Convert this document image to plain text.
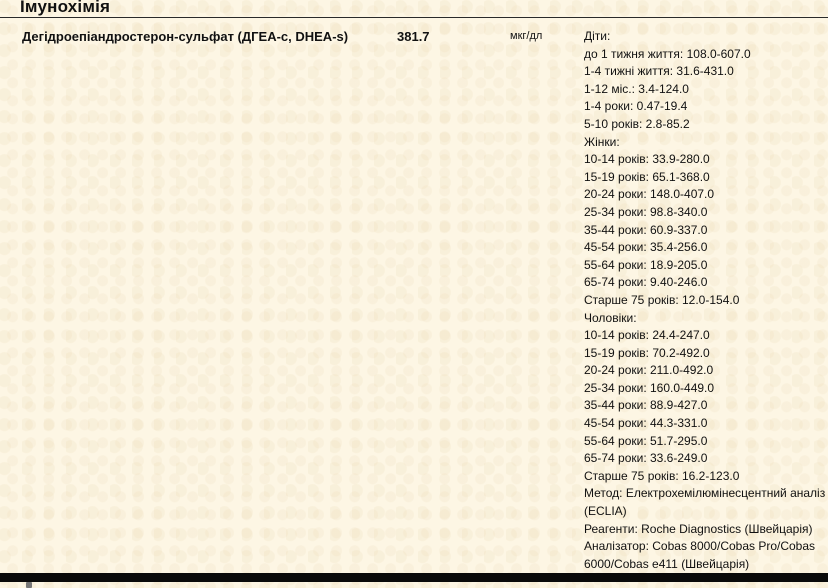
Імунохімія
Дегідроепіандростерон-сульфат (ДГЕА-с, DHEA-s)	381.7	мкг/дл	Діти:
до 1 тижня життя: 108.0-607.0
1-4 тижні життя: 31.6-431.0
1-12 міс.: 3.4-124.0
1-4 роки: 0.47-19.4
5-10 років: 2.8-85.2
Жінки:
10-14 років: 33.9-280.0
15-19 років: 65.1-368.0
20-24 роки: 148.0-407.0
25-34 роки: 98.8-340.0
35-44 роки: 60.9-337.0
45-54 роки: 35.4-256.0
55-64 роки: 18.9-205.0
65-74 роки: 9.40-246.0
Старше 75 років: 12.0-154.0
Чоловіки:
10-14 років: 24.4-247.0
15-19 років: 70.2-492.0
20-24 роки: 211.0-492.0
25-34 роки: 160.0-449.0
35-44 роки: 88.9-427.0
45-54 роки: 44.3-331.0
55-64 роки: 51.7-295.0
65-74 роки: 33.6-249.0
Старше 75 років: 16.2-123.0
Метод: Електрохемілюмінесцентний аналіз
(ECLIA)
Реагенти: Roche Diagnostics (Швейцарія)
Аналізатор: Cobas 8000/Cobas Pro/Cobas
6000/Cobas e411 (Швейцарія)
